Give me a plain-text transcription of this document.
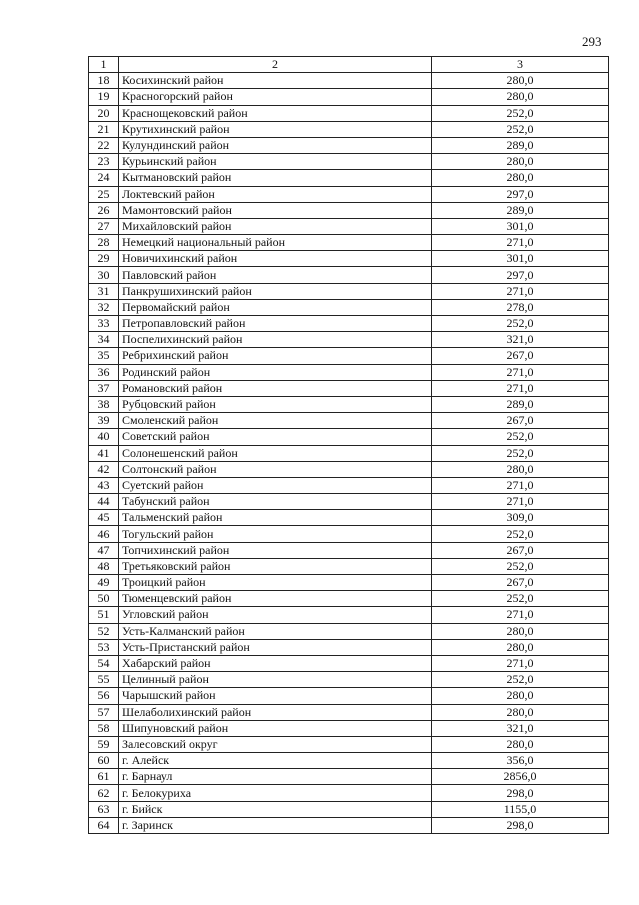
293
1	2	3
18	Косихинский район	280,0
19	Красногорский район	280,0
20	Краснощековский район	252,0
21	Крутихинский район	252,0
22	Кулундинский район	289,0
23	Курьинский район	280,0
24	Кытмановский район	280,0
25	Локтевский район	297,0
26	Мамонтовский район	289,0
27	Михайловский район	301,0
28	Немецкий национальный район	271,0
29	Новичихинский район	301,0
30	Павловский район	297,0
31	Панкрушихинский район	271,0
32	Первомайский район	278,0
33	Петропавловский район	252,0
34	Поспелихинский район	321,0
35	Ребрихинский район	267,0
36	Родинский район	271,0
37	Романовский район	271,0
38	Рубцовский район	289,0
39	Смоленский район	267,0
40	Советский район	252,0
41	Солонешенский район	252,0
42	Солтонский район	280,0
43	Суетский район	271,0
44	Табунский район	271,0
45	Тальменский район	309,0
46	Тогульский район	252,0
47	Топчихинский район	267,0
48	Третьяковский район	252,0
49	Троицкий район	267,0
50	Тюменцевский район	252,0
51	Угловский район	271,0
52	Усть-Калманский район	280,0
53	Усть-Пристанский район	280,0
54	Хабарский район	271,0
55	Целинный район	252,0
56	Чарышский район	280,0
57	Шелаболихинский район	280,0
58	Шипуновский район	321,0
59	Залесовский округ	280,0
60	г. Алейск	356,0
61	г. Барнаул	2856,0
62	г. Белокуриха	298,0
63	г. Бийск	1155,0
64	г. Заринск	298,0
